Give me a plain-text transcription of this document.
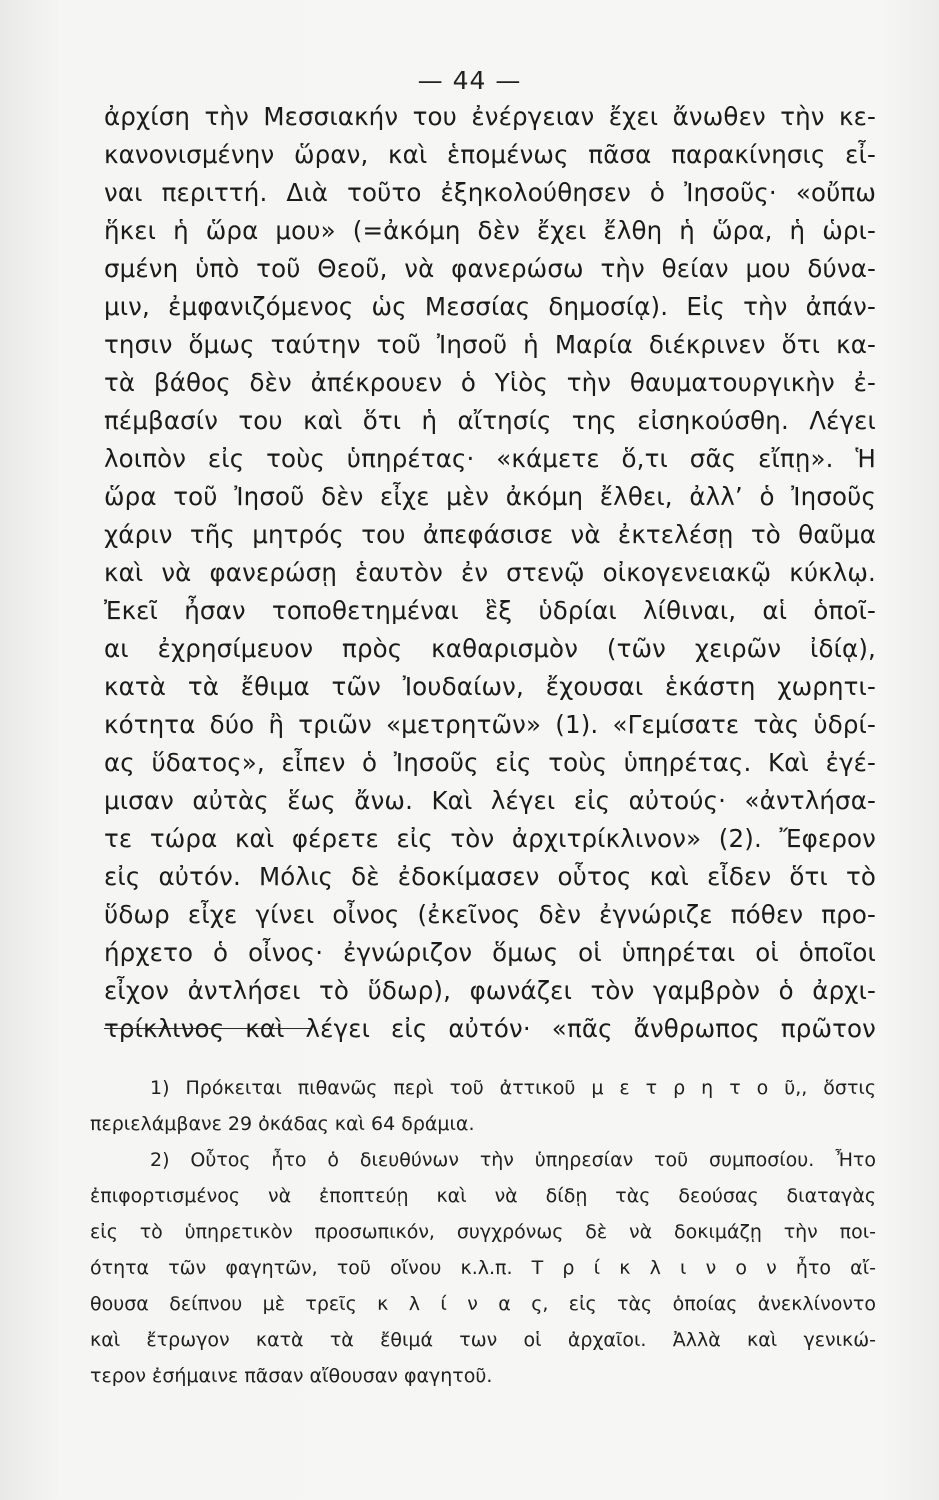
— 44 —
ἀρχίση τὴν Μεσσιακήν του ἐνέργειαν ἔχει ἄνωθεν τὴν κε-
κανονισμένην ὥραν, καὶ ἑπομένως πᾶσα παρακίνησις εἶ-
ναι περιττή. Διὰ τοῦτο ἐξηκολούθησεν ὁ Ἰησοῦς· «οὔπω
ἥκει ἡ ὥρα μου» (=ἀκόμη δὲν ἔχει ἔλθη ἡ ὥρα, ἡ ὡρι-
σμένη ὑπὸ τοῦ Θεοῦ, νὰ φανερώσω τὴν θείαν μου δύνα-
μιν, ἐμφανιζόμενος ὡς Μεσσίας δημοσίᾳ). Εἰς τὴν ἀπάν-
τησιν ὅμως ταύτην τοῦ Ἰησοῦ ἡ Μαρία διέκρινεν ὅτι κα-
τὰ βάθος δὲν ἀπέκρουεν ὁ Υἱὸς τὴν θαυματουργικὴν ἐ-
πέμβασίν του καὶ ὅτι ἡ αἴτησίς της εἰσηκούσθη. Λέγει
λοιπὸν εἰς τοὺς ὑπηρέτας· «κάμετε ὅ,τι σᾶς εἴπῃ». Ἡ
ὥρα τοῦ Ἰησοῦ δὲν εἶχε μὲν ἀκόμη ἔλθει, ἀλλ’ ὁ Ἰησοῦς
χάριν τῆς μητρός του ἀπεφάσισε νὰ ἐκτελέσῃ τὸ θαῦμα
καὶ νὰ φανερώσῃ ἑαυτὸν ἐν στενῷ οἰκογενειακῷ κύκλῳ.
Ἐκεῖ ἦσαν τοποθετημέναι ἓξ ὑδρίαι λίθιναι, αἱ ὁποῖ-
αι ἐχρησίμευον πρὸς καθαρισμὸν (τῶν χειρῶν ἰδίᾳ),
κατὰ τὰ ἔθιμα τῶν Ἰουδαίων, ἔχουσαι ἑκάστη χωρητι-
κότητα δύο ἢ τριῶν «μετρητῶν» (1). «Γεμίσατε τὰς ὑδρί-
ας ὕδατος», εἶπεν ὁ Ἰησοῦς εἰς τοὺς ὑπηρέτας. Καὶ ἐγέ-
μισαν αὐτὰς ἕως ἄνω. Καὶ λέγει εἰς αὐτούς· «ἀντλήσα-
τε τώρα καὶ φέρετε εἰς τὸν ἀρχιτρίκλινον» (2). Ἔφερον
εἰς αὐτόν. Μόλις δὲ ἐδοκίμασεν οὗτος καὶ εἶδεν ὅτι τὸ
ὕδωρ εἶχε γίνει οἶνος (ἐκεῖνος δὲν ἐγνώριζε πόθεν προ-
ήρχετο ὁ οἶνος· ἐγνώριζον ὅμως οἱ ὑπηρέται οἱ ὁποῖοι
εἶχον ἀντλήσει τὸ ὕδωρ), φωνάζει τὸν γαμβρὸν ὁ ἀρχι-
τρίκλινος καὶ λέγει εἰς αὐτόν· «πᾶς ἄνθρωπος πρῶτον
1) Πρόκειται πιθανῶς περὶ τοῦ ἀττικοῦ μ ε τ ρ η τ ο ῦ,, ὅστις
περιελάμβανε 29 ὀκάδας καὶ 64 δράμια.
2) Οὗτος ἦτο ὁ διευθύνων τὴν ὑπηρεσίαν τοῦ συμποσίου. Ἦτο
ἐπιφορτισμένος νὰ ἐποπτεύῃ καὶ νὰ δίδῃ τὰς δεούσας διαταγὰς
εἰς τὸ ὑπηρετικὸν προσωπικόν, συγχρόνως δὲ νὰ δοκιμάζῃ τὴν ποι-
ότητα τῶν φαγητῶν, τοῦ οἴνου κ.λ.π. Τ ρ ί κ λ ι ν ο ν ἦτο αἴ-
θουσα δείπνου μὲ τρεῖς κ λ ί ν α ς, εἰς τὰς ὁποίας ἀνεκλίνοντο
καὶ ἔτρωγον κατὰ τὰ ἔθιμά των οἱ ἀρχαῖοι. Ἀλλὰ καὶ γενικώ-
τερον ἐσήμαινε πᾶσαν αἴθουσαν φαγητοῦ.
